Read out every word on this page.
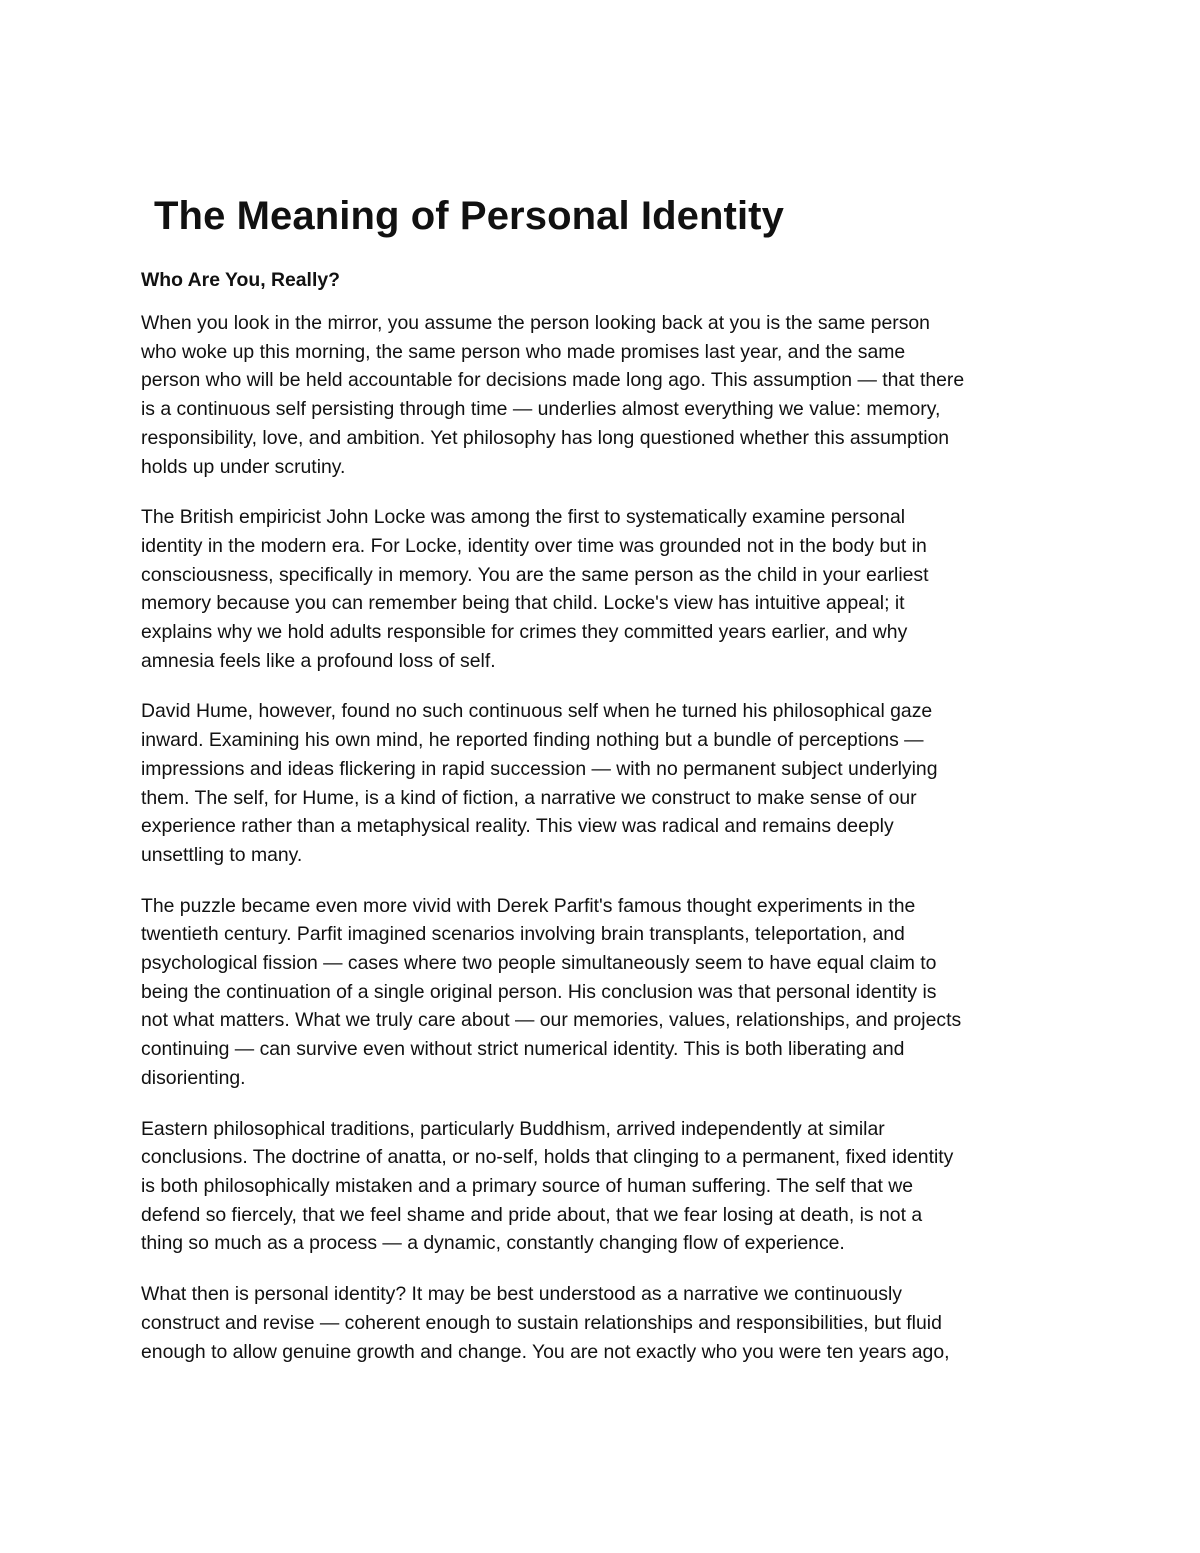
The Meaning of Personal Identity
Who Are You, Really?

When you look in the mirror, you assume the person looking back at you is the same person
who woke up this morning, the same person who made promises last year, and the same
person who will be held accountable for decisions made long ago. This assumption — that there
is a continuous self persisting through time — underlies almost everything we value: memory,
responsibility, love, and ambition. Yet philosophy has long questioned whether this assumption
holds up under scrutiny.

The British empiricist John Locke was among the first to systematically examine personal
identity in the modern era. For Locke, identity over time was grounded not in the body but in
consciousness, specifically in memory. You are the same person as the child in your earliest
memory because you can remember being that child. Locke's view has intuitive appeal; it
explains why we hold adults responsible for crimes they committed years earlier, and why
amnesia feels like a profound loss of self.

David Hume, however, found no such continuous self when he turned his philosophical gaze
inward. Examining his own mind, he reported finding nothing but a bundle of perceptions —
impressions and ideas flickering in rapid succession — with no permanent subject underlying
them. The self, for Hume, is a kind of fiction, a narrative we construct to make sense of our
experience rather than a metaphysical reality. This view was radical and remains deeply
unsettling to many.

The puzzle became even more vivid with Derek Parfit's famous thought experiments in the
twentieth century. Parfit imagined scenarios involving brain transplants, teleportation, and
psychological fission — cases where two people simultaneously seem to have equal claim to
being the continuation of a single original person. His conclusion was that personal identity is
not what matters. What we truly care about — our memories, values, relationships, and projects
continuing — can survive even without strict numerical identity. This is both liberating and
disorienting.

Eastern philosophical traditions, particularly Buddhism, arrived independently at similar
conclusions. The doctrine of anatta, or no-self, holds that clinging to a permanent, fixed identity
is both philosophically mistaken and a primary source of human suffering. The self that we
defend so fiercely, that we feel shame and pride about, that we fear losing at death, is not a
thing so much as a process — a dynamic, constantly changing flow of experience.

What then is personal identity? It may be best understood as a narrative we continuously
construct and revise — coherent enough to sustain relationships and responsibilities, but fluid
enough to allow genuine growth and change. You are not exactly who you were ten years ago,
